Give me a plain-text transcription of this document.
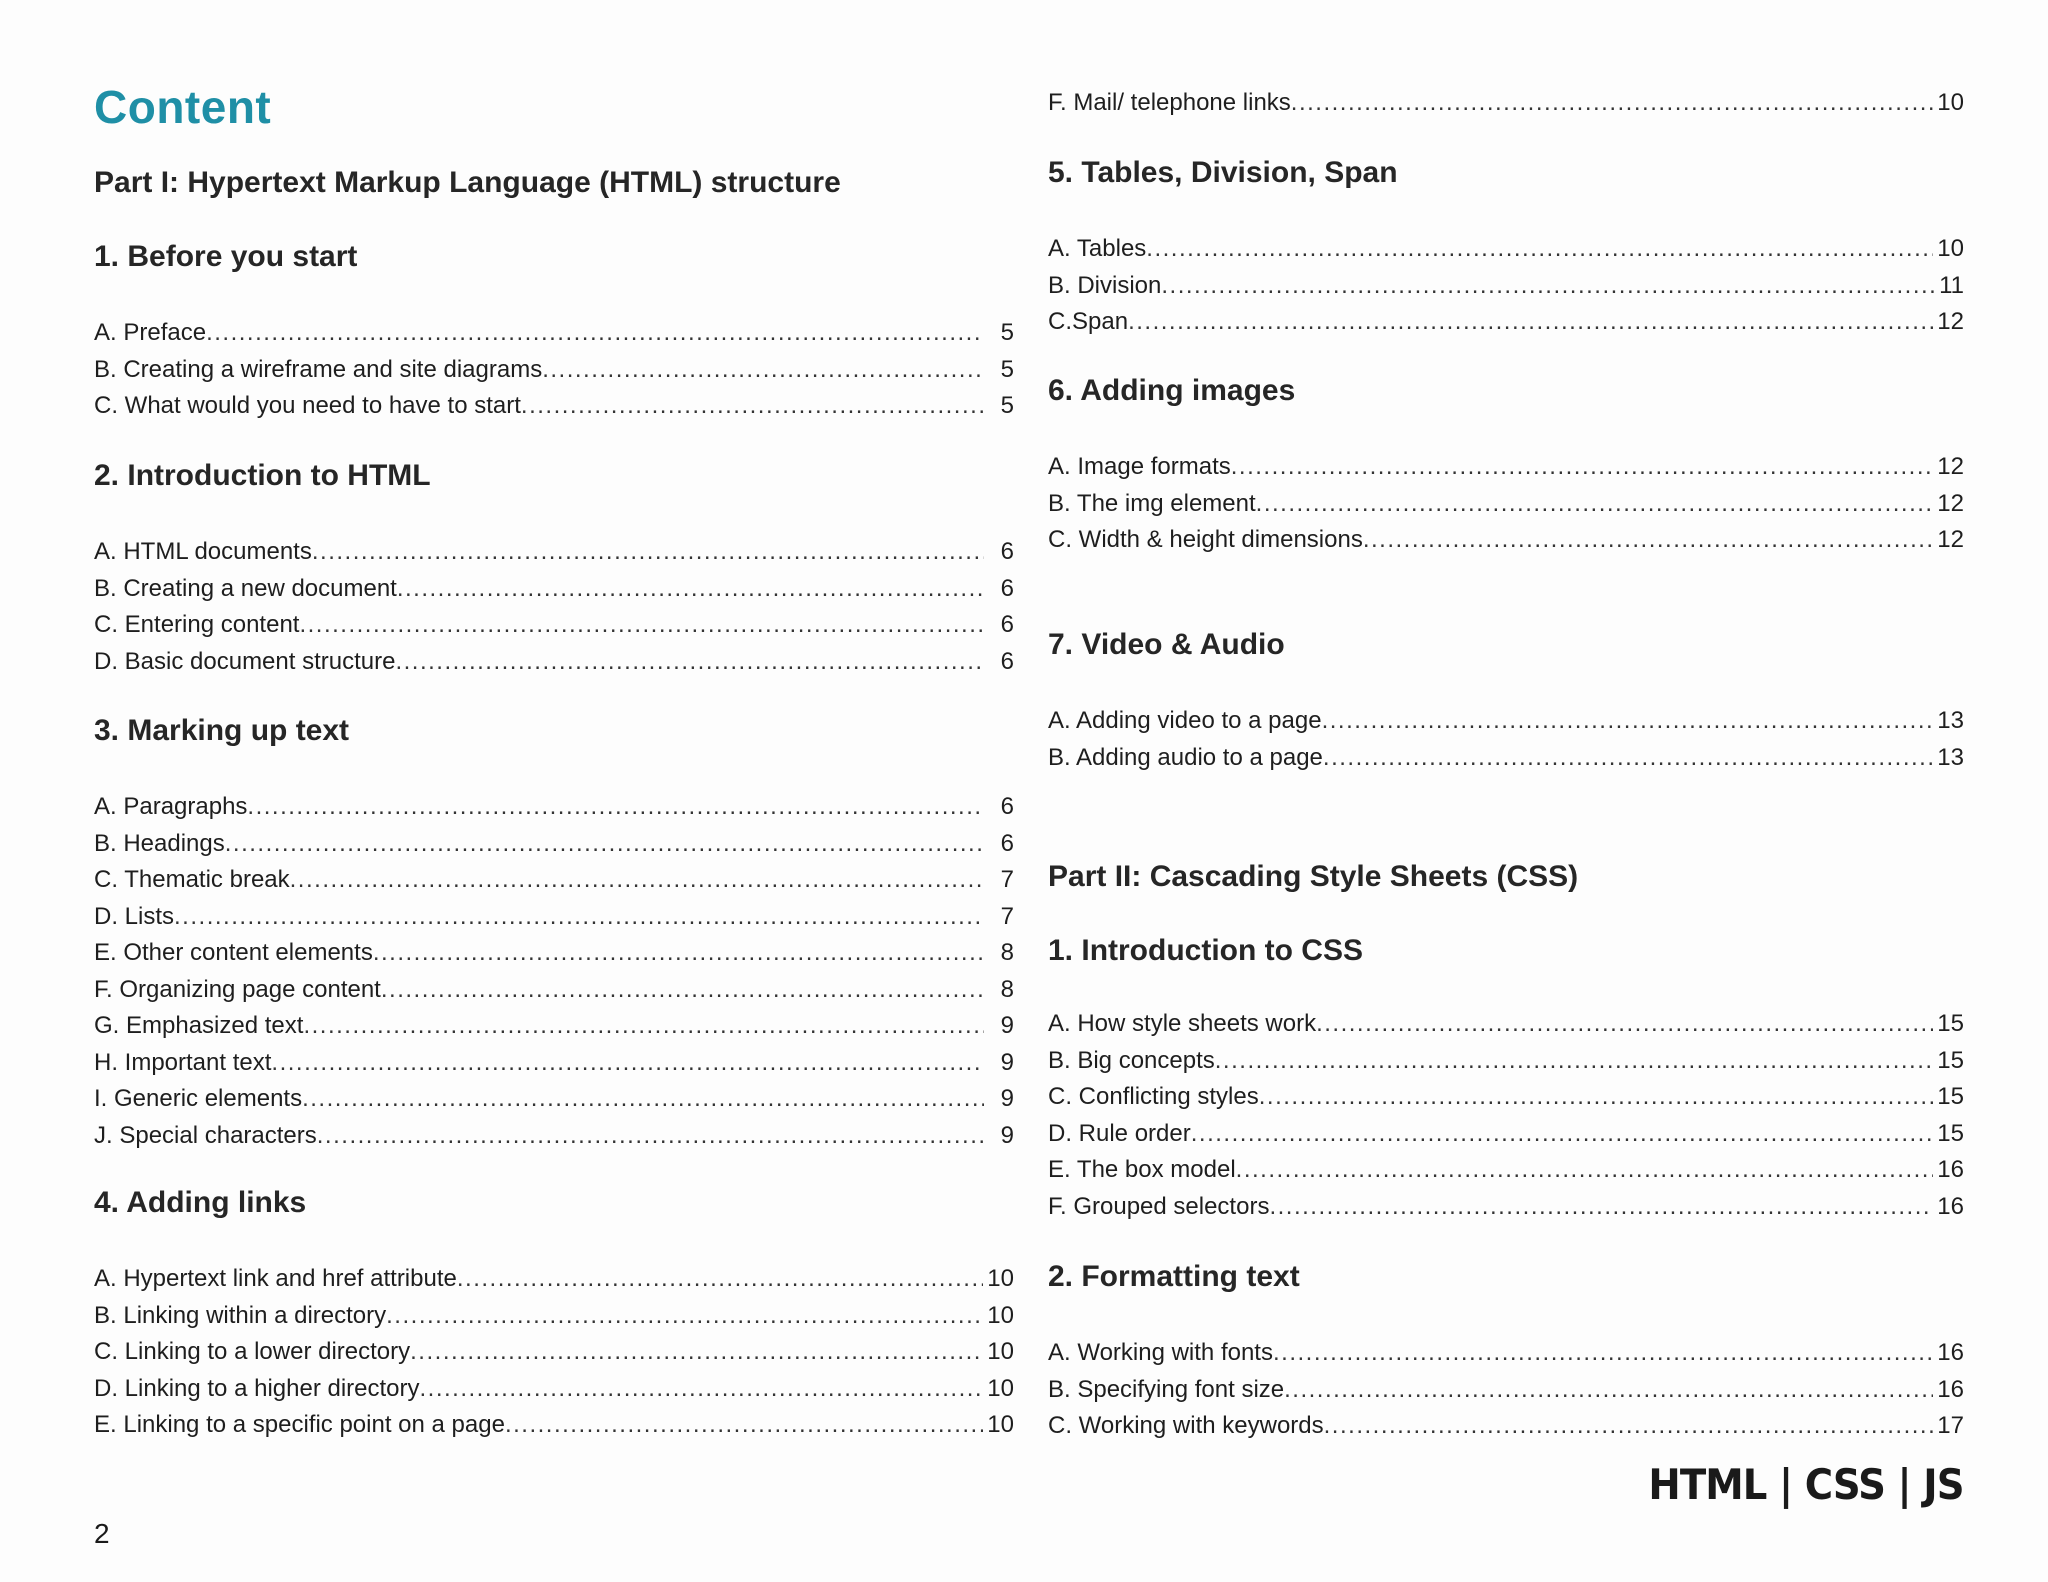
Content
Part I: Hypertext Markup Language (HTML) structure
1. Before you start
A. Preface .....	5
B. Creating a wireframe and site diagrams .....	5
C. What would you need to have to start .....	5
2. Introduction to HTML
A. HTML documents .....	6
B. Creating a new document .....	6
C. Entering content .....	6
D. Basic document structure .....	6
3. Marking up text
A. Paragraphs .....	6
B. Headings .....	6
C. Thematic break .....	7
D. Lists .....	7
E. Other content elements .....	8
F. Organizing page content .....	8
G. Emphasized text .....	9
H. Important text .....	9
I. Generic elements .....	9
J. Special characters .....	9
4. Adding links
A. Hypertext link and href attribute .....	10
B. Linking within a directory .....	10
C. Linking to a lower directory .....	10
D. Linking to a higher directory .....	10
E. Linking to a specific point on a page .....	10
F. Mail/ telephone links .....	10
5. Tables, Division, Span
A. Tables .....	10
B. Division .....	11
C.Span .....	12
6. Adding images
A. Image formats .....	12
B. The img element .....	12
C. Width & height dimensions .....	12
7. Video & Audio
A. Adding video to a page .....	13
B. Adding audio to a page .....	13
Part II: Cascading Style Sheets (CSS)
1. Introduction to CSS
A. How style sheets work .....	15
B. Big concepts .....	15
C. Conflicting styles .....	15
D. Rule order .....	15
E. The box model .....	16
F. Grouped selectors .....	16
2. Formatting text
A. Working with fonts .....	16
B. Specifying font size .....	16
C. Working with keywords .....	17
HTML | CSS | JS
2
